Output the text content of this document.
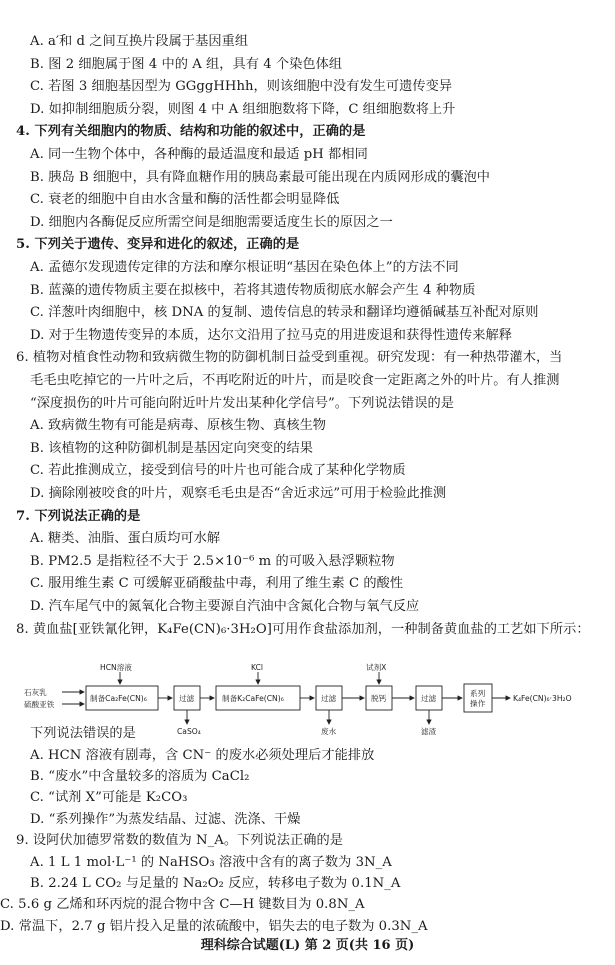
A. a′和 d 之间互换片段属于基因重组
B. 图 2 细胞属于图 4 中的 A 组，具有 4 个染色体组
C. 若图 3 细胞基因型为 GGggHHhh，则该细胞中没有发生可遗传变异
D. 如抑制细胞质分裂，则图 4 中 A 组细胞数将下降，C 组细胞数将上升
4. 下列有关细胞内的物质、结构和功能的叙述中，正确的是
A. 同一生物个体中，各种酶的最适温度和最适 pH 都相同
B. 胰岛 B 细胞中，具有降血糖作用的胰岛素最可能出现在内质网形成的囊泡中
C. 衰老的细胞中自由水含量和酶的活性都会明显降低
D. 细胞内各酶促反应所需空间是细胞需要适度生长的原因之一
5. 下列关于遗传、变异和进化的叙述，正确的是
A. 孟德尔发现遗传定律的方法和摩尔根证明“基因在染色体上”的方法不同
B. 蓝藻的遗传物质主要在拟核中，若将其遗传物质彻底水解会产生 4 种物质
C. 洋葱叶肉细胞中，核 DNA 的复制、遗传信息的转录和翻译均遵循碱基互补配对原则
D. 对于生物遗传变异的本质，达尔文沿用了拉马克的用进废退和获得性遗传来解释
6. 植物对植食性动物和致病微生物的防御机制日益受到重视。研究发现：有一种热带灌木，当
毛毛虫吃掉它的一片叶之后，不再吃附近的叶片，而是咬食一定距离之外的叶片。有人推测
“深度损伤的叶片可能向附近叶片发出某种化学信号”。下列说法错误的是
A. 致病微生物有可能是病毒、原核生物、真核生物
B. 该植物的这种防御机制是基因定向突变的结果
C. 若此推测成立，接受到信号的叶片也可能合成了某种化学物质
D. 摘除刚被咬食的叶片，观察毛毛虫是否“舍近求远”可用于检验此推测
7. 下列说法正确的是
A. 糖类、油脂、蛋白质均可水解
B. PM2.5 是指粒径不大于 2.5×10⁻⁶ m 的可吸入悬浮颗粒物
C. 服用维生素 C 可缓解亚硝酸盐中毒，利用了维生素 C 的酸性
D. 汽车尾气中的氮氧化合物主要源自汽油中含氮化合物与氧气反应
8. 黄血盐[亚铁氰化钾，K₄Fe(CN)₆·3H₂O]可用作食盐添加剂，一种制备黄血盐的工艺如下所示：
HCN溶液
石灰乳
硫酸亚铁
制备Ca₂Fe(CN)₆	过滤	制备K₂CaFe(CN)₆
KCl
过滤	脱钙
试剂X
过滤
系列
操作
K₄Fe(CN)₆·3H₂O
CaSO₄	废水	滤渣
下列说法错误的是
A. HCN 溶液有剧毒，含 CN⁻ 的废水必须处理后才能排放
B. “废水”中含量较多的溶质为 CaCl₂
C. “试剂 X”可能是 K₂CO₃
D. “系列操作”为蒸发结晶、过滤、洗涤、干燥
9. 设阿伏加德罗常数的数值为 N_A。下列说法正确的是
A. 1 L 1 mol·L⁻¹ 的 NaHSO₃ 溶液中含有的离子数为 3N_A
B. 2.24 L CO₂ 与足量的 Na₂O₂ 反应，转移电子数为 0.1N_A
理科综合试题(L) 第 2 页(共 16 页)
C. 5.6 g 乙烯和环丙烷的混合物中含 C—H 键数目为 0.8N_A
D. 常温下，2.7 g 铝片投入足量的浓硫酸中，铝失去的电子数为 0.3N_A
